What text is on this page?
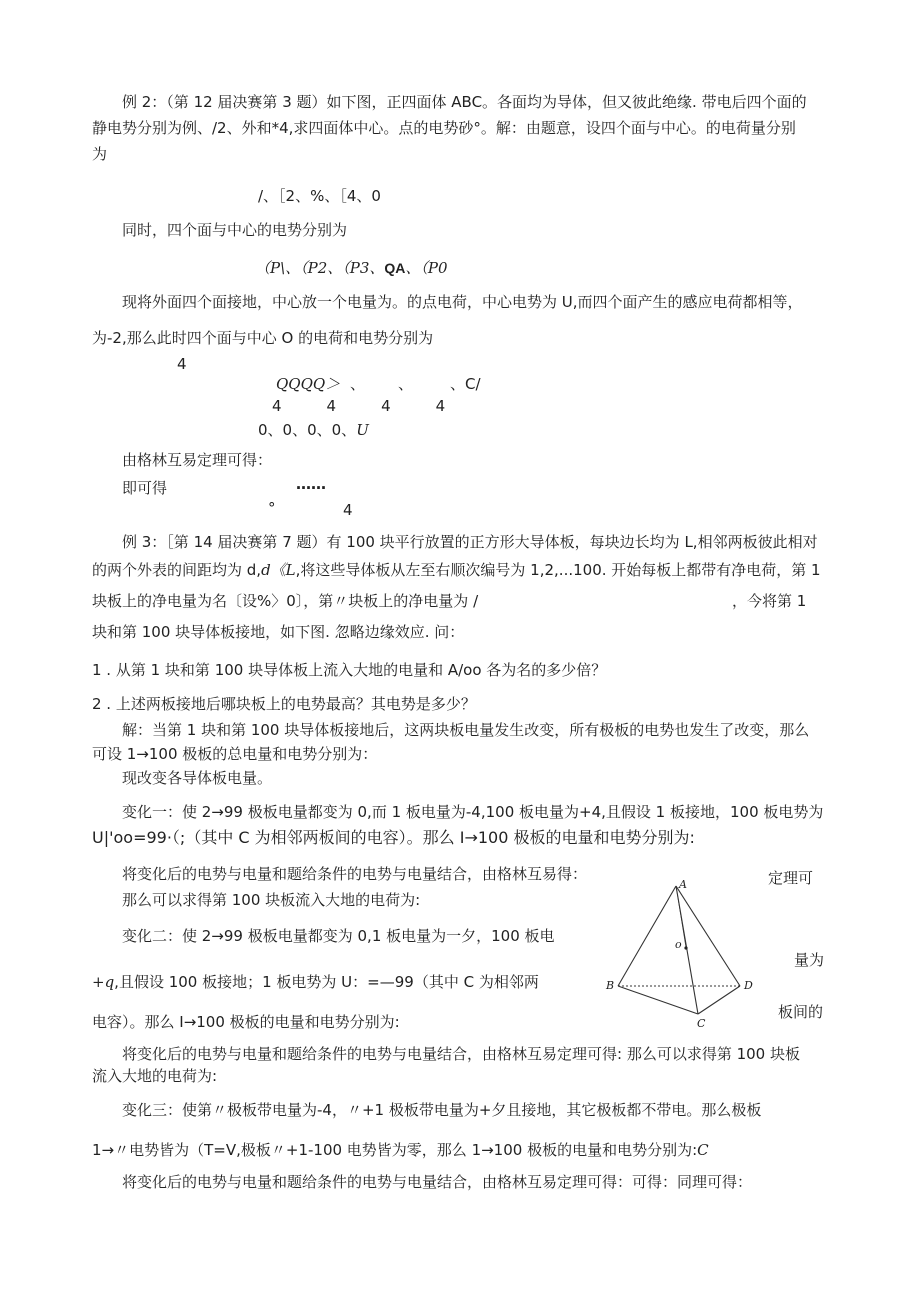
例 2：（第 12 届决赛第 3 题）如下图，正四面体 ABC。各面均为导体，但又彼此绝缘. 带电后四个面的
静电势分别为例、/2、外和*4,求四面体中心。点的电势砂°。解：由题意，设四个面与中心。的电荷量分别
为
/、［2、%、［4、0
同时，四个面与中心的电势分别为
（P\、（P2、（P3、QA、（P0
现将外面四个面接地，中心放一个电量为。的点电荷，中心电势为 U,而四个面产生的感应电荷都相等，
为-2,那么此时四个面与中心 O 的电荷和电势分别为
4
QQQQ＞ 、 、 、C/
4　　　4　　　4　　　4
0、0、0、0、U
由格林互易定理可得：
即可得	……
°	4
例 3：［第 14 届决赛第 7 题）有 100 块平行放置的正方形大导体板，每块边长均为 L,相邻两板彼此相对
的两个外表的间距均为 d,d《L,将这些导体板从左至右顺次编号为 1,2,...100. 开始每板上都带有净电荷，第 1
块板上的净电量为名〔设%〉0〕，第〃块板上的净电量为 /	，今将第 1
块和第 100 块导体板接地，如下图. 忽略边缘效应. 问：
1 . 从第 1 块和第 100 块导体板上流入大地的电量和 A/oo 各为名的多少倍？
2 . 上述两板接地后哪块板上的电势最高？其电势是多少？
解：当第 1 块和第 100 块导体板接地后，这两块板电量发生改变，所有极板的电势也发生了改变，那么
可设 1→100 极板的总电量和电势分别为：
现改变各导体板电量。
变化一：使 2→99 极板电量都变为 0,而 1 板电量为-4,100 板电量为+4,且假设 1 板接地，100 板电势为
U|'oo=99·（;（其中 C 为相邻两板间的电容）。那么 I→100 极板的电量和电势分别为:
将变化后的电势与电量和题给条件的电势与电量结合，由格林互易得：	定理可
那么可以求得第 100 块板流入大地的电荷为:
变化二：使 2→99 极板电量都变为 0,1 板电量为一夕，100 板电
量为
+q,且假设 100 板接地；1 板电势为 U：=—99（其中 C 为相邻两
电容）。那么 I→100 极板的电量和电势分别为:
板间的
将变化后的电势与电量和题给条件的电势与电量结合，由格林互易定理可得: 那么可以求得第 100 块板
流入大地的电荷为:
变化三：使第〃极板带电量为-4，〃+1 极板带电量为+夕且接地，其它极板都不带电。那么极板
1→〃电势皆为（T=V,极板〃+1-100 电势皆为零，那么 1→100 极板的电量和电势分别为:C
将变化后的电势与电量和题给条件的电势与电量结合，由格林互易定理可得：可得：同理可得：
A
B
C
D
o
